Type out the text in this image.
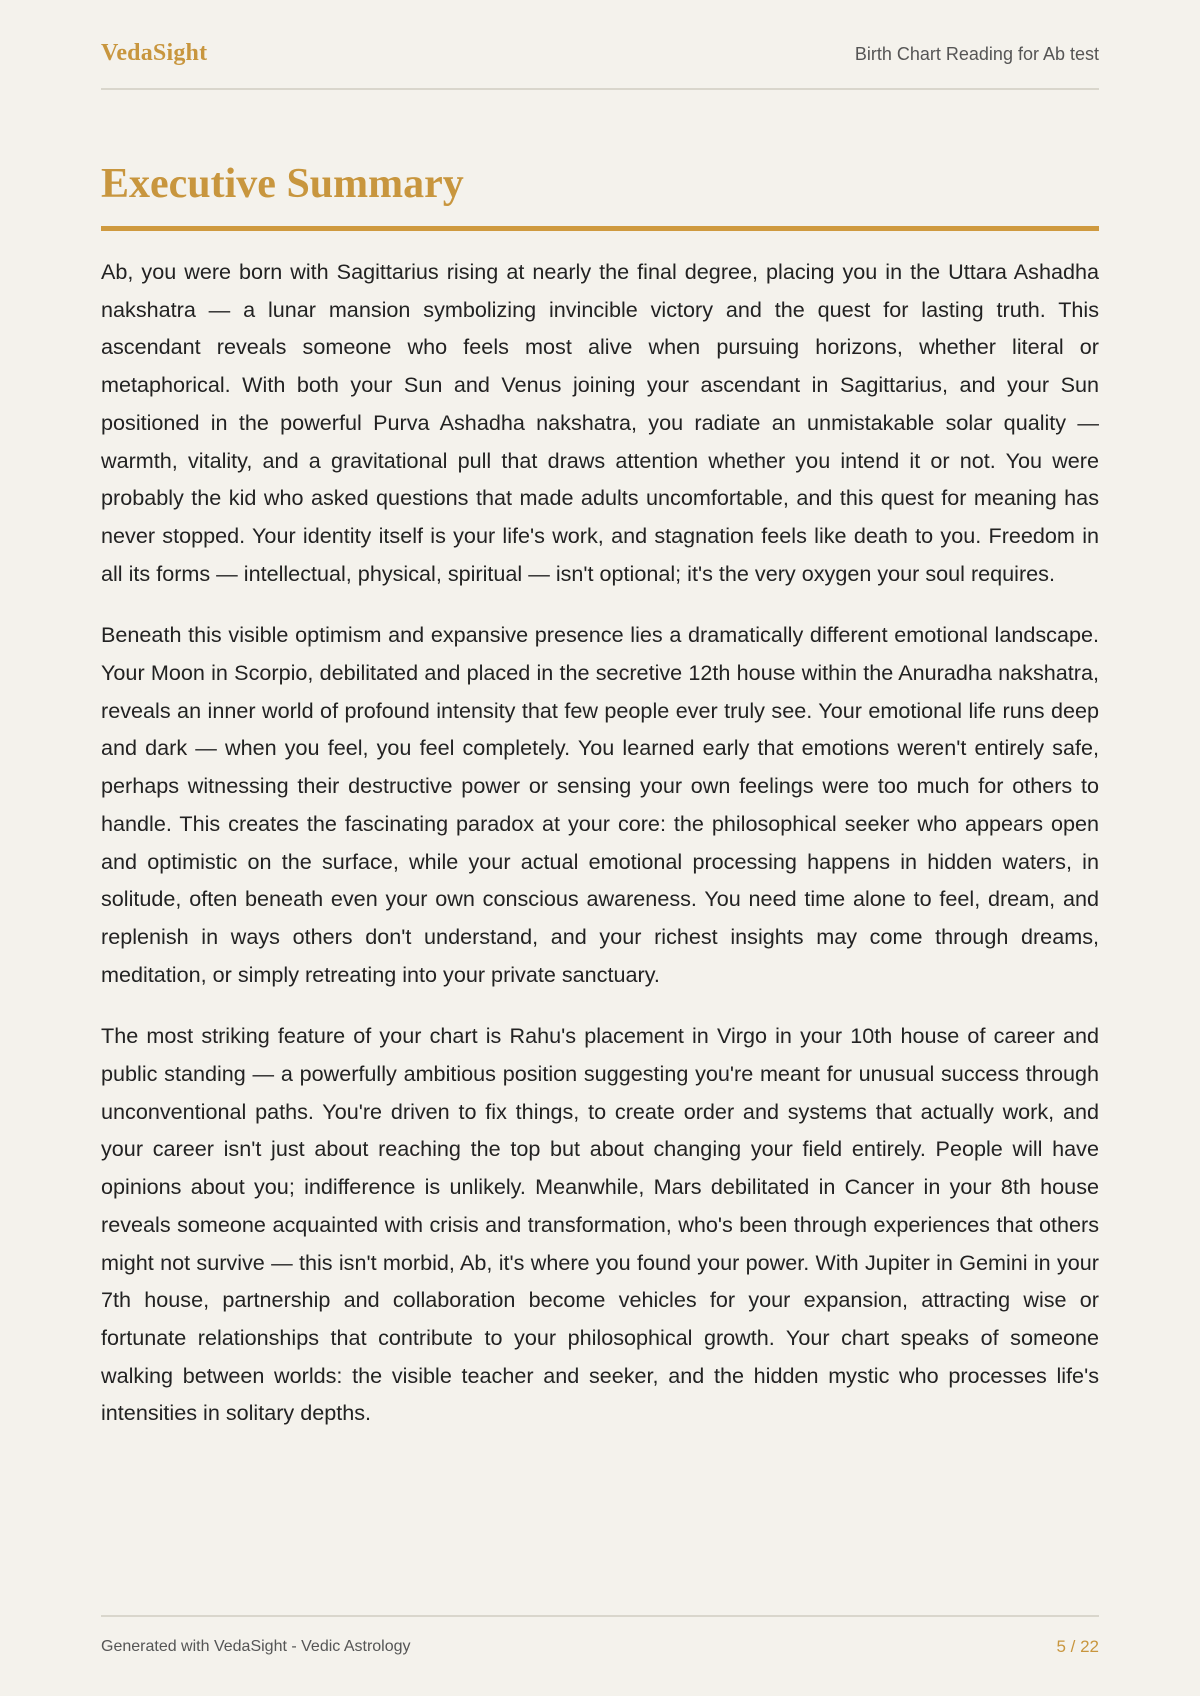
VedaSight	Birth Chart Reading for Ab test
Executive Summary

Ab, you were born with Sagittarius rising at nearly the final degree, placing you in the Uttara Ashadha nakshatra — a lunar mansion symbolizing invincible victory and the quest for lasting truth. This ascendant reveals someone who feels most alive when pursuing horizons, whether literal or metaphorical. With both your Sun and Venus joining your ascendant in Sagittarius, and your Sun positioned in the powerful Purva Ashadha nakshatra, you radiate an unmistakable solar quality — warmth, vitality, and a gravitational pull that draws attention whether you intend it or not. You were probably the kid who asked questions that made adults uncomfortable, and this quest for meaning has never stopped. Your identity itself is your life's work, and stagnation feels like death to you. Freedom in all its forms — intellectual, physical, spiritual — isn't optional; it's the very oxygen your soul requires.

Beneath this visible optimism and expansive presence lies a dramatically different emotional landscape. Your Moon in Scorpio, debilitated and placed in the secretive 12th house within the Anuradha nakshatra, reveals an inner world of profound intensity that few people ever truly see. Your emotional life runs deep and dark — when you feel, you feel completely. You learned early that emotions weren't entirely safe, perhaps witnessing their destructive power or sensing your own feelings were too much for others to handle. This creates the fascinating paradox at your core: the philosophical seeker who appears open and optimistic on the surface, while your actual emotional processing happens in hidden waters, in solitude, often beneath even your own conscious awareness. You need time alone to feel, dream, and replenish in ways others don't understand, and your richest insights may come through dreams, meditation, or simply retreating into your private sanctuary.

The most striking feature of your chart is Rahu's placement in Virgo in your 10th house of career and public standing — a powerfully ambitious position suggesting you're meant for unusual success through unconventional paths. You're driven to fix things, to create order and systems that actually work, and your career isn't just about reaching the top but about changing your field entirely. People will have opinions about you; indifference is unlikely. Meanwhile, Mars debilitated in Cancer in your 8th house reveals someone acquainted with crisis and transformation, who's been through experiences that others might not survive — this isn't morbid, Ab, it's where you found your power. With Jupiter in Gemini in your 7th house, partnership and collaboration become vehicles for your expansion, attracting wise or fortunate relationships that contribute to your philosophical growth. Your chart speaks of someone walking between worlds: the visible teacher and seeker, and the hidden mystic who processes life's intensities in solitary depths.

Generated with VedaSight - Vedic Astrology	5 / 22
